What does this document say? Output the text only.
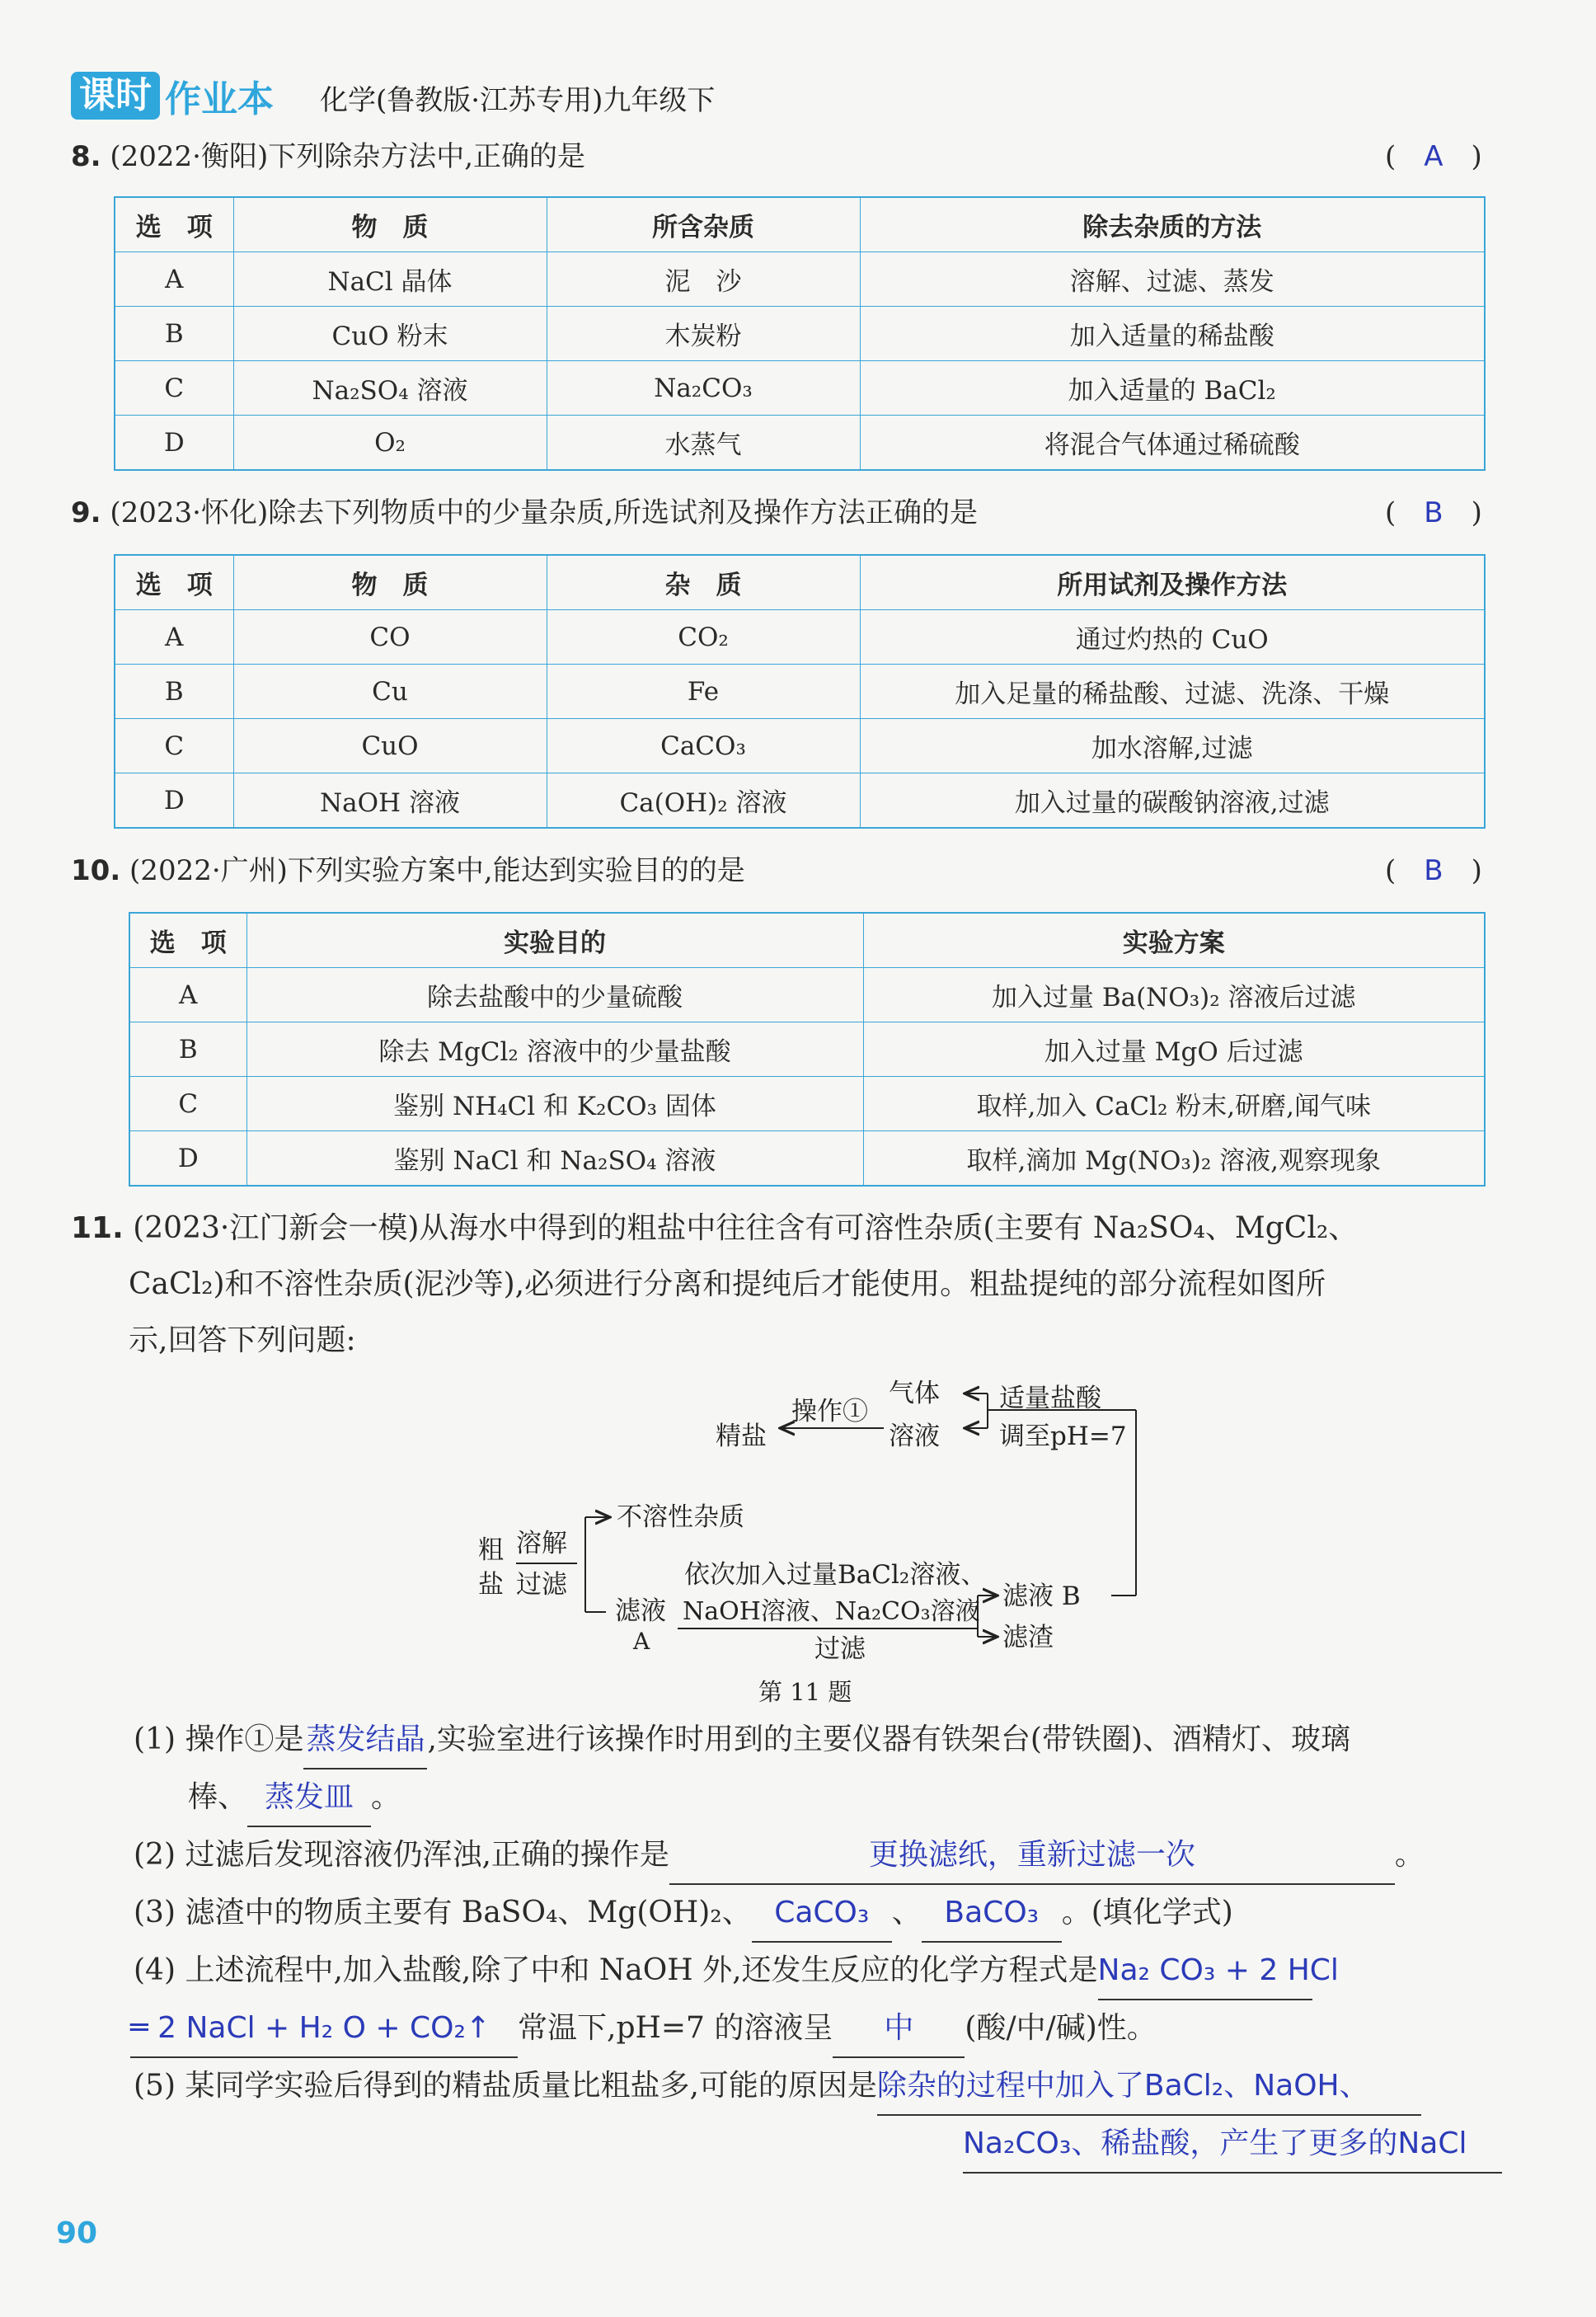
课时 作业本 化学(鲁教版·江苏专用)九年级下
8. (2022·衡阳)下列除杂方法中,正确的是	(　A　)
选　项	物　质	所含杂质	除去杂质的方法
A	NaCl 晶体	泥　沙	溶解、过滤、蒸发
B	CuO 粉末	木炭粉	加入适量的稀盐酸
C	Na₂SO₄ 溶液	Na₂CO₃	加入适量的 BaCl₂
D	O₂	水蒸气	将混合气体通过稀硫酸
9. (2023·怀化)除去下列物质中的少量杂质,所选试剂及操作方法正确的是	(　B　)
选　项	物　质	杂　质	所用试剂及操作方法
A	CO	CO₂	通过灼热的 CuO
B	Cu	Fe	加入足量的稀盐酸、过滤、洗涤、干燥
C	CuO	CaCO₃	加水溶解,过滤
D	NaOH 溶液	Ca(OH)₂ 溶液	加入过量的碳酸钠溶液,过滤
10. (2022·广州)下列实验方案中,能达到实验目的的是	(　B　)
选　项	实验目的	实验方案
A	除去盐酸中的少量硫酸	加入过量 Ba(NO₃)₂ 溶液后过滤
B	除去 MgCl₂ 溶液中的少量盐酸	加入过量 MgO 后过滤
C	鉴别 NH₄Cl 和 K₂CO₃ 固体	取样,加入 CaCl₂ 粉末,研磨,闻气味
D	鉴别 NaCl 和 Na₂SO₄ 溶液	取样,滴加 Mg(NO₃)₂ 溶液,观察现象
11. (2023·江门新会一模)从海水中得到的粗盐中往往含有可溶性杂质(主要有 Na₂SO₄、MgCl₂、
CaCl₂)和不溶性杂质(泥沙等),必须进行分离和提纯后才能使用。粗盐提纯的部分流程如图所
示,回答下列问题:
气体 适量盐酸
调至pH=7
操作①
精盐	溶液
不溶性杂质
粗
盐
溶解
过滤
滤液
A
依次加入过量BaCl₂溶液、
NaOH溶液、Na₂CO₃溶液
过滤
滤液 B
滤渣
第 11 题
(1) 操作①是蒸发结晶,实验室进行该操作时用到的主要仪器有铁架台(带铁圈)、酒精灯、玻璃
棒、 蒸发皿 。
(2) 过滤后发现溶液仍浑浊,正确的操作是	更换滤纸，重新过滤一次	。
(3) 滤渣中的物质主要有 BaSO₄、Mg(OH)₂、 CaCO₃ 、 BaCO₃ 。(填化学式)
(4) 上述流程中,加入盐酸,除了中和 NaOH 外,还发生反应的化学方程式是Na₂ CO₃ + 2 HCl
═ 2 NaCl + H₂ O + CO₂↑ 常温下,pH=7 的溶液呈 中 (酸/中/碱)性。
(5) 某同学实验后得到的精盐质量比粗盐多,可能的原因是除杂的过程中加入了BaCl₂、NaOH、
Na₂CO₃、稀盐酸，产生了更多的NaCl
90
